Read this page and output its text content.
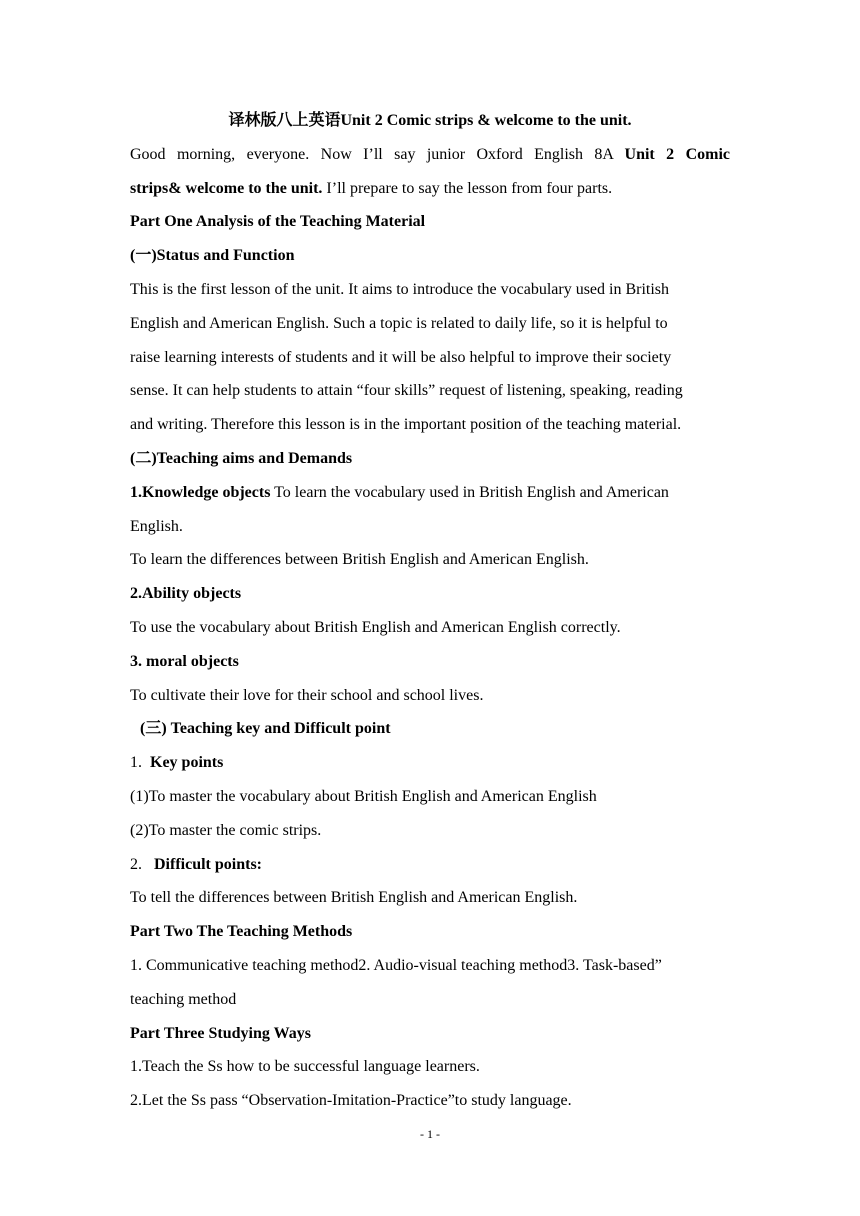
译林版八上英语Unit 2 Comic strips & welcome to the unit.
Good morning, everyone. Now I’ll say junior Oxford English 8A Unit 2 Comic
strips& welcome to the unit. I’ll prepare to say the lesson from four parts.
Part One Analysis of the Teaching Material
(一)Status and Function
This is the first lesson of the unit. It aims to introduce the vocabulary used in British
English and American English. Such a topic is related to daily life, so it is helpful to
raise learning interests of students and it will be also helpful to improve their society
sense. It can help students to attain “four skills” request of listening, speaking, reading
and writing. Therefore this lesson is in the important position of the teaching material.
(二)Teaching aims and Demands
1.Knowledge objects To learn the vocabulary used in British English and American
English.
To learn the differences between British English and American English.
2.Ability objects
To use the vocabulary about British English and American English correctly.
3. moral objects
To cultivate their love for their school and school lives.
(三) Teaching key and Difficult point
1. Key points
(1)To master the vocabulary about British English and American English
(2)To master the comic strips.
2. Difficult points:
To tell the differences between British English and American English.
Part Two The Teaching Methods
1. Communicative teaching method2. Audio-visual teaching method3. Task-based”
teaching method
Part Three Studying Ways
1.Teach the Ss how to be successful language learners.
2.Let the Ss pass “Observation-Imitation-Practice”to study language.
- 1 -
